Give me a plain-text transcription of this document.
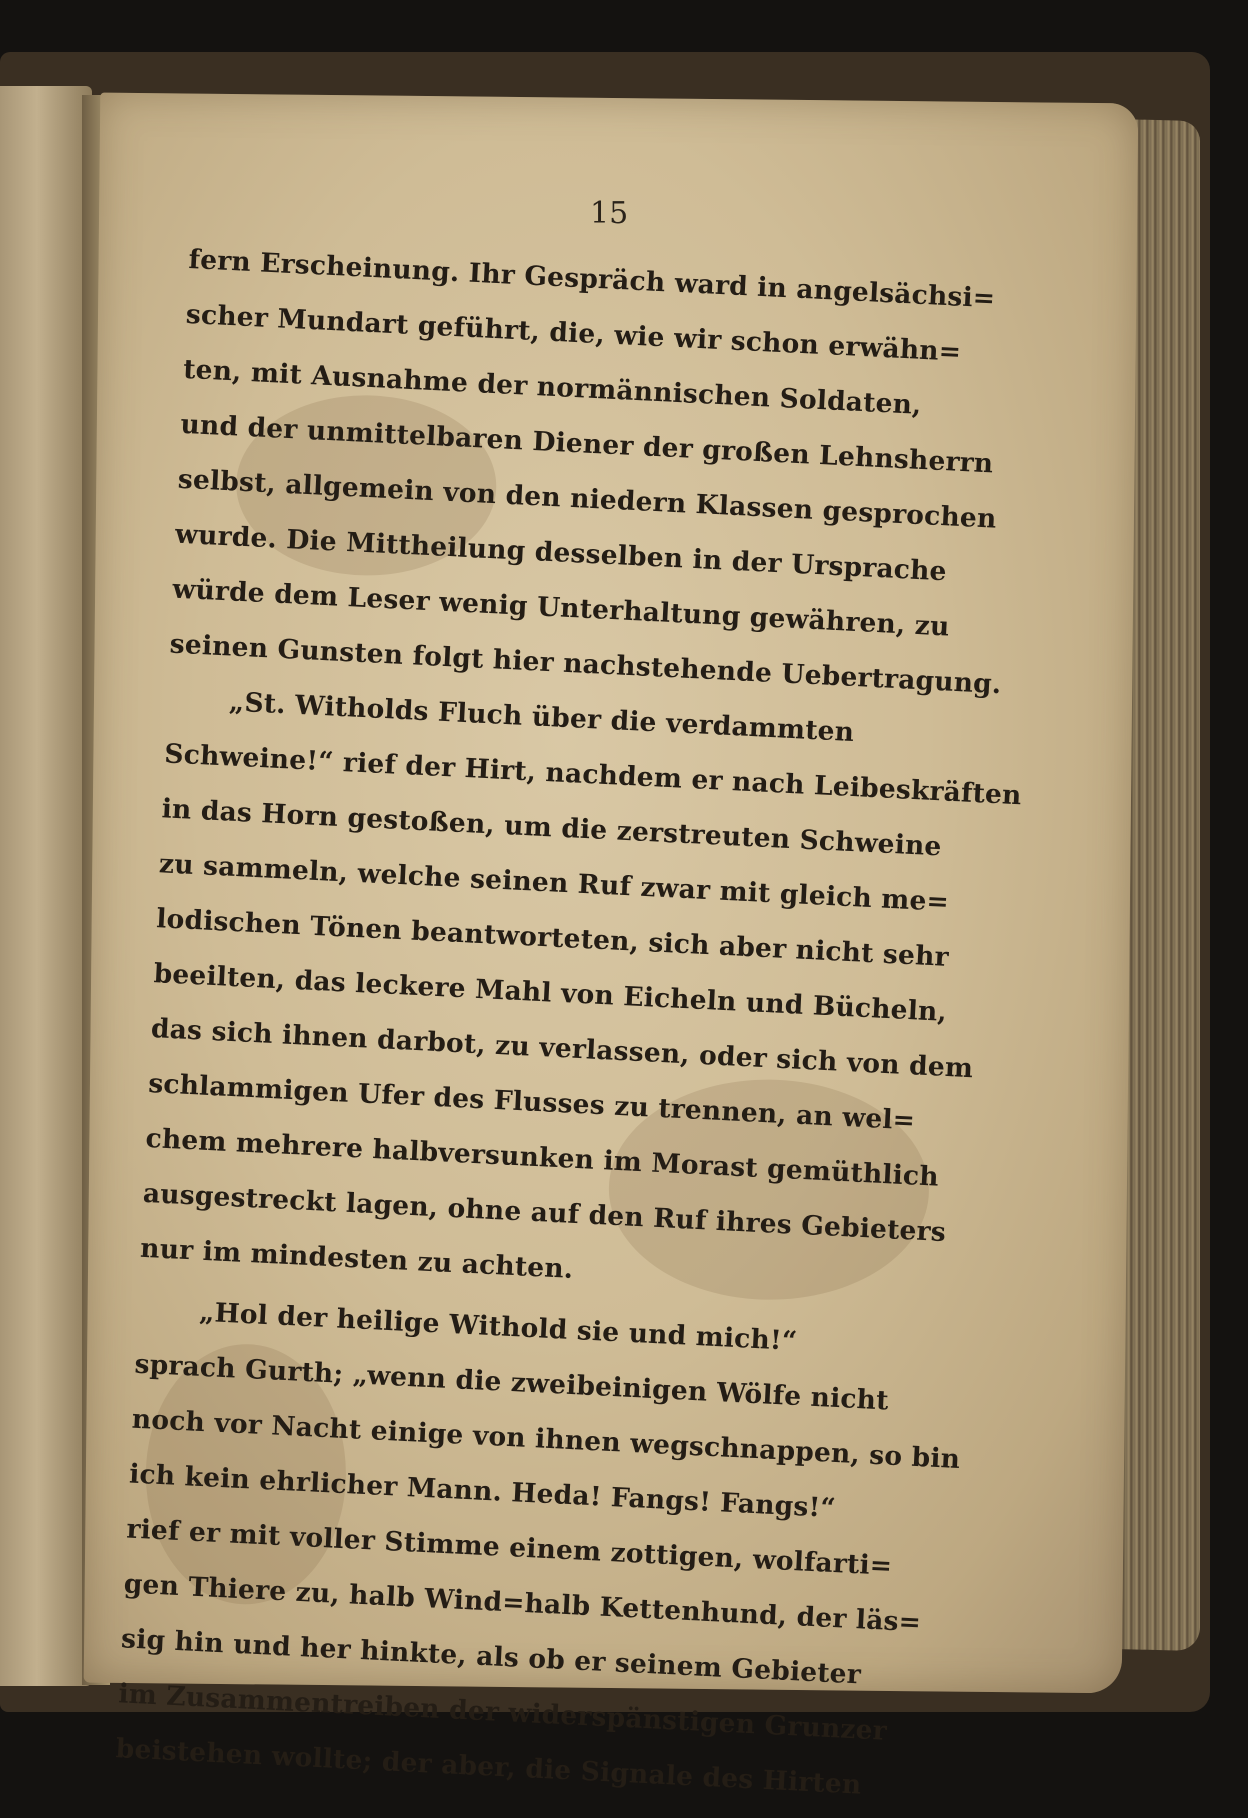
15

fern Erscheinung. Ihr Gespräch ward in angelsächsi=
scher Mundart geführt, die, wie wir schon erwähn=
ten, mit Ausnahme der normännischen Soldaten,
und der unmittelbaren Diener der großen Lehnsherrn
selbst, allgemein von den niedern Klassen gesprochen
wurde. Die Mittheilung desselben in der Ursprache
würde dem Leser wenig Unterhaltung gewähren, zu
seinen Gunsten folgt hier nachstehende Uebertragung.
„St. Witholds Fluch über die verdammten
Schweine!“ rief der Hirt, nachdem er nach Leibeskräften
in das Horn gestoßen, um die zerstreuten Schweine
zu sammeln, welche seinen Ruf zwar mit gleich me=
lodischen Tönen beantworteten, sich aber nicht sehr
beeilten, das leckere Mahl von Eicheln und Bücheln,
das sich ihnen darbot, zu verlassen, oder sich von dem
schlammigen Ufer des Flusses zu trennen, an wel=
chem mehrere halbversunken im Morast gemüthlich
ausgestreckt lagen, ohne auf den Ruf ihres Gebieters
nur im mindesten zu achten.
„Hol der heilige Withold sie und mich!“
sprach Gurth; „wenn die zweibeinigen Wölfe nicht
noch vor Nacht einige von ihnen wegschnappen, so bin
ich kein ehrlicher Mann. Heda! Fangs! Fangs!“
rief er mit voller Stimme einem zottigen, wolfarti=
gen Thiere zu, halb Wind=halb Kettenhund, der läs=
sig hin und her hinkte, als ob er seinem Gebieter
im Zusammentreiben der widerspänstigen Grunzer
beistehen wollte; der aber, die Signale des Hirten
